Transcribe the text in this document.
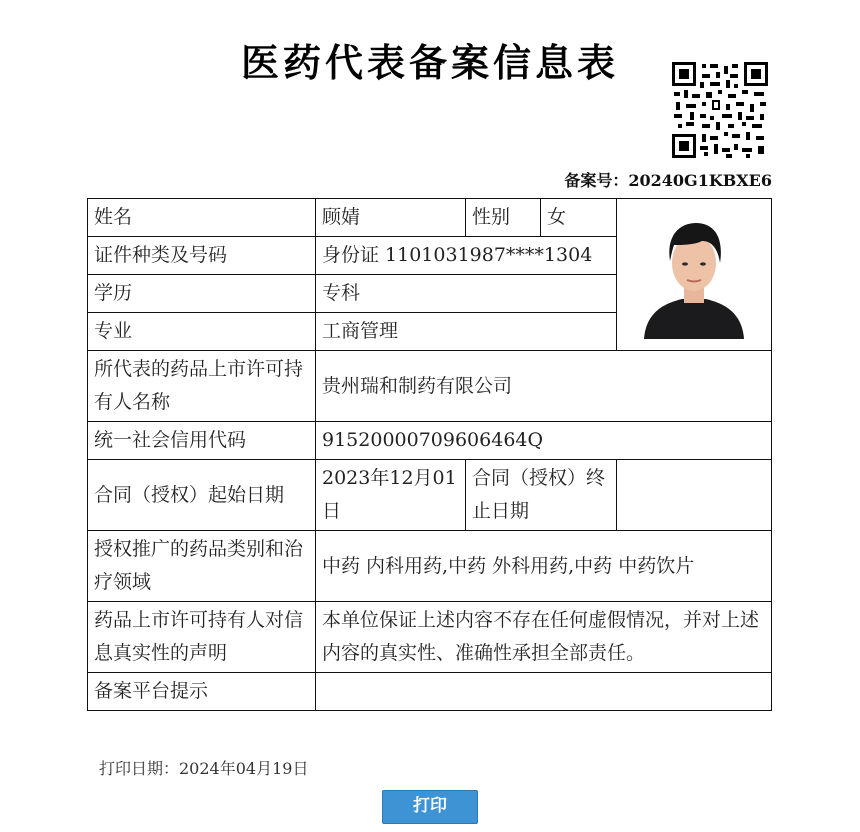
医药代表备案信息表
备案号：20240G1KBXE6
姓名	顾婧	性别	女	

证件种类及号码	身份证 1101031987****1304			
学历	专科			
专业	工商管理			
所代表的药品上市许可持有人名称	贵州瑞和制药有限公司			
统一社会信用代码	91520000709606464Q			
合同（授权）起始日期	2023年12月01日	合同（授权）终止日期		
授权推广的药品类别和治疗领域	中药 内科用药,中药 外科用药,中药 中药饮片			
药品上市许可持有人对信息真实性的声明	本单位保证上述内容不存在任何虚假情况，并对上述内容的真实性、准确性承担全部责任。			
备案平台提示				
打印日期：2024年04月19日
打印
